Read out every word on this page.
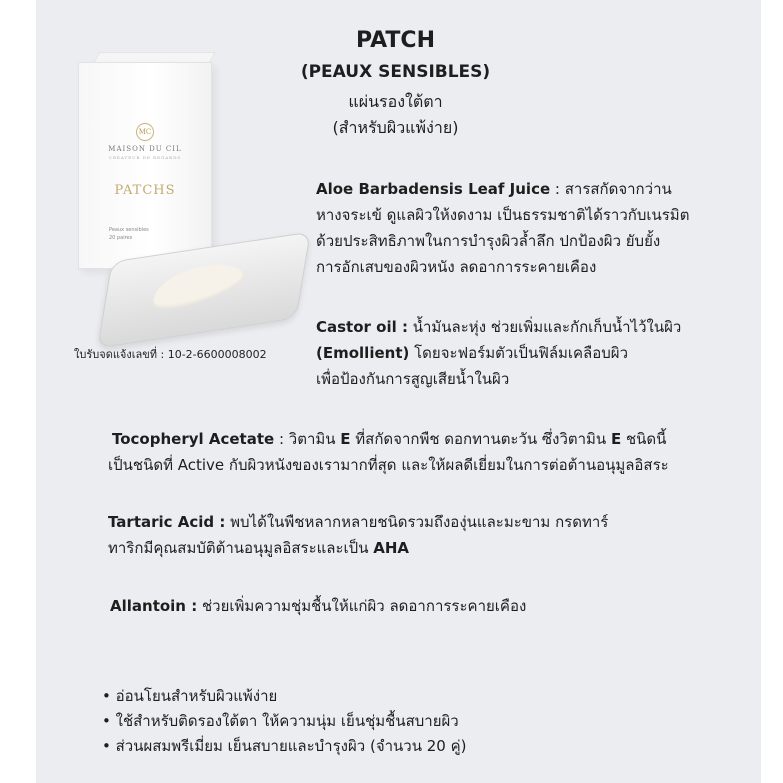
PATCH
(PEAUX SENSIBLES)
แผ่นรองใต้ตา
(สำหรับผิวแพ้ง่าย)
MC
MAISON DU CIL
CREATEUR DE REGARDS
PATCHS
Peaux sensibles
20 paires
ใบรับจดแจ้งเลขที่ : 10-2-6600008002
Aloe Barbadensis Leaf Juice : สารสกัดจากว่าน
หางจระเข้ ดูแลผิวให้งดงาม เป็นธรรมชาติได้ราวกับเนรมิต
ด้วยประสิทธิภาพในการบำรุงผิวล้ำลึก ปกป้องผิว ยับยั้ง
การอักเสบของผิวหนัง ลดอาการระคายเคือง
Castor oil : น้ำมันละหุ่ง ช่วยเพิ่มและกักเก็บน้ำไว้ในผิว
(Emollient) โดยจะฟอร์มตัวเป็นฟิล์มเคลือบผิว
เพื่อป้องกันการสูญเสียน้ำในผิว
Tocopheryl Acetate : วิตามิน E ที่สกัดจากพืช ดอกทานตะวัน ซึ่งวิตามิน E ชนิดนี้
เป็นชนิดที่ Active กับผิวหนังของเรามากที่สุด และให้ผลดีเยี่ยมในการต่อต้านอนุมูลอิสระ
Tartaric Acid : พบได้ในพืชหลากหลายชนิดรวมถึงองุ่นและมะขาม กรดทาร์
ทาริกมีคุณสมบัติต้านอนุมูลอิสระและเป็น AHA
Allantoin : ช่วยเพิ่มความชุ่มชื้นให้แก่ผิว ลดอาการระคายเคือง
• อ่อนโยนสำหรับผิวแพ้ง่าย
• ใช้สำหรับติดรองใต้ตา ให้ความนุ่ม เย็นชุ่มชื้นสบายผิว
• ส่วนผสมพรีเมี่ยม เย็นสบายและบำรุงผิว (จำนวน 20 คู่)
